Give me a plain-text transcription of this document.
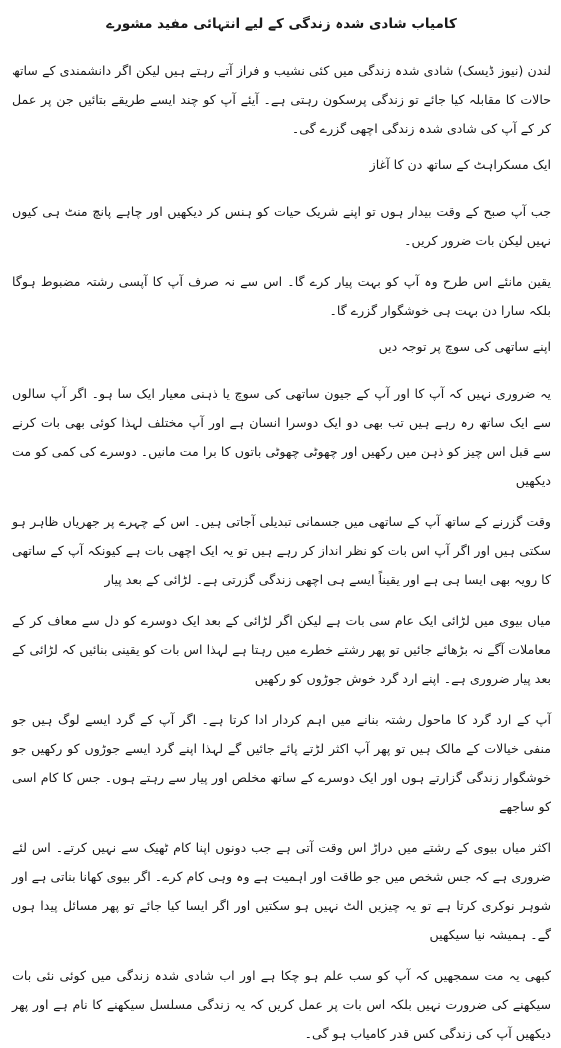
کامیاب شادی شدہ زندگی کے لیے انتہائی مفید مشورے

لندن (نیوز ڈیسک) شادی شدہ زندگی میں کئی نشیب و فراز آتے رہتے ہیں لیکن اگر دانشمندی کے ساتھ حالات کا مقابلہ کیا جائے تو زندگی پرسکون رہتی ہے۔ آیئے آپ کو چند ایسے طریقے بتائیں جن پر عمل کر کے آپ کی شادی شدہ زندگی اچھی گزرے گی۔

ایک مسکراہٹ کے ساتھ دن کا آغاز

جب آپ صبح کے وقت بیدار ہوں تو اپنے شریک حیات کو ہنس کر دیکھیں اور چاہے پانچ منٹ ہی کیوں نہیں لیکن بات ضرور کریں۔

یقین مانئے اس طرح وہ آپ کو بہت پیار کرے گا۔ اس سے نہ صرف آپ کا آپسی رشتہ مضبوط ہوگا بلکہ سارا دن بہت ہی خوشگوار گزرے گا۔

اپنے ساتھی کی سوچ پر توجہ دیں

یہ ضروری نہیں کہ آپ کا اور آپ کے جیون ساتھی کی سوچ یا ذہنی معیار ایک سا ہو۔ اگر آپ سالوں سے ایک ساتھ رہ رہے ہیں تب بھی دو ایک دوسرا انسان ہے اور آپ مختلف لہذا کوئی بھی بات کرنے سے قبل اس چیز کو ذہن میں رکھیں اور چھوٹی چھوٹی باتوں کا برا مت مانیں۔ دوسرے کی کمی کو مت دیکھیں

وقت گزرنے کے ساتھ آپ کے ساتھی میں جسمانی تبدیلی آجاتی ہیں۔ اس کے چہرے پر جھریاں ظاہر ہو سکتی ہیں اور اگر آپ اس بات کو نظر انداز کر رہے ہیں تو یہ ایک اچھی بات ہے کیونکہ آپ کے ساتھی کا رویہ بھی ایسا ہی ہے اور یقیناً ایسے ہی اچھی زندگی گزرتی ہے۔ لڑائی کے بعد پیار

میاں بیوی میں لڑائی ایک عام سی بات ہے لیکن اگر لڑائی کے بعد ایک دوسرے کو دل سے معاف کر کے معاملات آگے نہ بڑھائے جائیں تو پھر رشتے خطرے میں رہتا ہے لہذا اس بات کو یقینی بنائیں کہ لڑائی کے بعد پیار ضروری ہے۔ اپنے ارد گرد خوش جوڑوں کو رکھیں

آپ کے ارد گرد کا ماحول رشتہ بنانے میں اہم کردار ادا کرتا ہے۔ اگر آپ کے گرد ایسے لوگ ہیں جو منفی خیالات کے مالک ہیں تو پھر آپ اکثر لڑتے پائے جائیں گے لہذا اپنے گرد ایسے جوڑوں کو رکھیں جو خوشگوار زندگی گزارتے ہوں اور ایک دوسرے کے ساتھ مخلص اور پیار سے رہتے ہوں۔ جس کا کام اسی کو ساجھے

اکثر میاں بیوی کے رشتے میں دراڑ اس وقت آتی ہے جب دونوں اپنا کام ٹھیک سے نہیں کرتے۔ اس لئے ضروری ہے کہ جس شخص میں جو طاقت اور اہمیت ہے وہ وہی کام کرے۔ اگر بیوی کھانا بناتی ہے اور شوہر نوکری کرتا ہے تو یہ چیزیں الٹ نہیں ہو سکتیں اور اگر ایسا کیا جائے تو پھر مسائل پیدا ہوں گے۔ ہمیشہ نیا سیکھیں

کبھی یہ مت سمجھیں کہ آپ کو سب علم ہو چکا ہے اور اب شادی شدہ زندگی میں کوئی نئی بات سیکھنے کی ضرورت نہیں بلکہ اس بات پر عمل کریں کہ یہ زندگی مسلسل سیکھنے کا نام ہے اور پھر دیکھیں آپ کی زندگی کس قدر کامیاب ہو گی۔
